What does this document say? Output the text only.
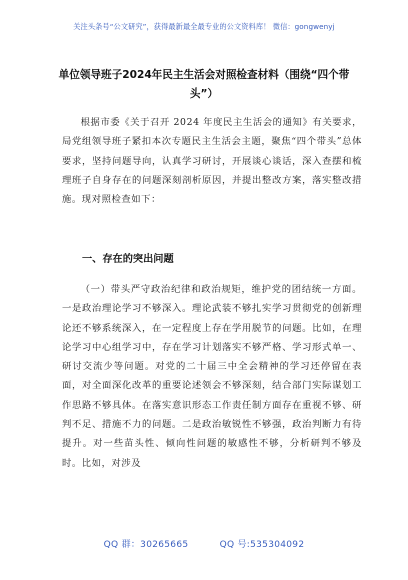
关注头条号“公文研究”，获得最新最全最专业的公文资料库！ 微信：gongwenyj
单位领导班子2024年民主生活会对照检查材料（围绕“四个带头”）
根据市委《关于召开 2024 年度民主生活会的通知》有关要求，局党组领导班子紧扣本次专题民主生活会主题，聚焦“四个带头”总体要求，坚持问题导向，认真学习研讨，开展谈心谈话，深入查摆和梳理班子自身存在的问题深刻剖析原因，并提出整改方案，落实整改措施。现对照检查如下：
一、存在的突出问题
（一）带头严守政治纪律和政治规矩，维护党的团结统一方面。一是政治理论学习不够深入。理论武装不够扎实学习贯彻党的创新理论还不够系统深入，在一定程度上存在学用脱节的问题。比如，在理论学习中心组学习中，存在学习计划落实不够严格、学习形式单一、研讨交流少等问题。对党的二十届三中全会精神的学习还停留在表面，对全面深化改革的重要论述领会不够深刻，结合部门实际谋划工作思路不够具体。在落实意识形态工作责任制方面存在重视不够、研判不足、措施不力的问题。二是政治敏锐性不够强，政治判断力有待提升。对一些苗头性、倾向性问题的敏感性不够，分析研判不够及时。比如，对涉及
QQ 群：30265665	QQ 号:535304092
